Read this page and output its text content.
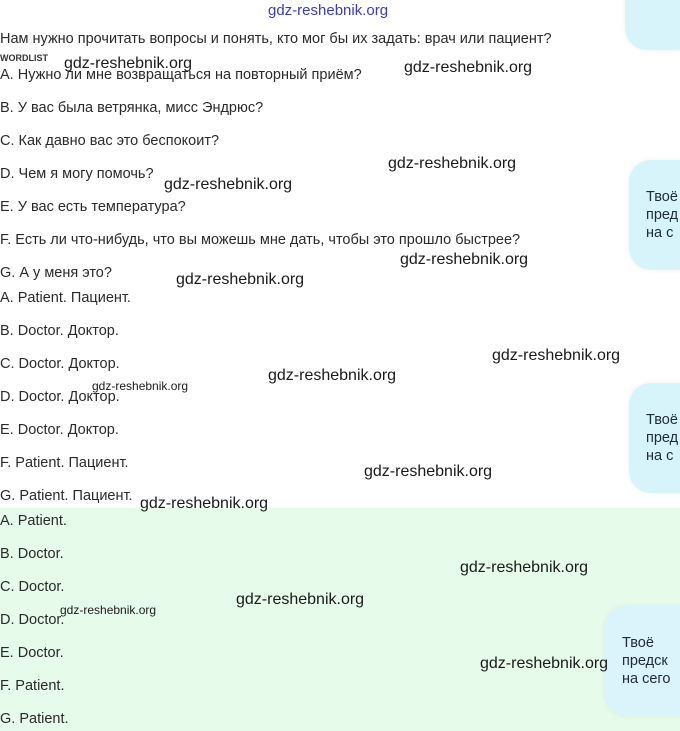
gdz-reshebnik.org
WORDLIST
Нам нужно прочитать вопросы и понять, кто мог бы их задать: врач или пациент?
A. Нужно ли мне возвращаться на повторный приём?
B. У вас была ветрянка, мисс Эндрюс?
C. Как давно вас это беспокоит?
D. Чем я могу помочь?
E. У вас есть температура?
F. Есть ли что-нибудь, что вы можешь мне дать, чтобы это прошло быстрее?
G. А у меня это?
A. Patient. Пациент.
B. Doctor. Доктор.
C. Doctor. Доктор.
D. Doctor. Доктор.
E. Doctor. Доктор.
F. Patient. Пациент.
G. Patient. Пациент.
A. Patient.
B. Doctor.
C. Doctor.
D. Doctor.
E. Doctor.
F. Patient.
G. Patient.
Твоё
пред
на с
Твоё
пред
на с
Твоё
предск
на сего
gdz-reshebnik.org	gdz-reshebnik.org
gdz-reshebnik.org
gdz-reshebnik.org
gdz-reshebnik.org
gdz-reshebnik.org
gdz-reshebnik.org
gdz-reshebnik.org
gdz-reshebnik.org
gdz-reshebnik.org
gdz-reshebnik.org
gdz-reshebnik.org
gdz-reshebnik.org
gdz-reshebnik.org
gdz-reshebnik.org
